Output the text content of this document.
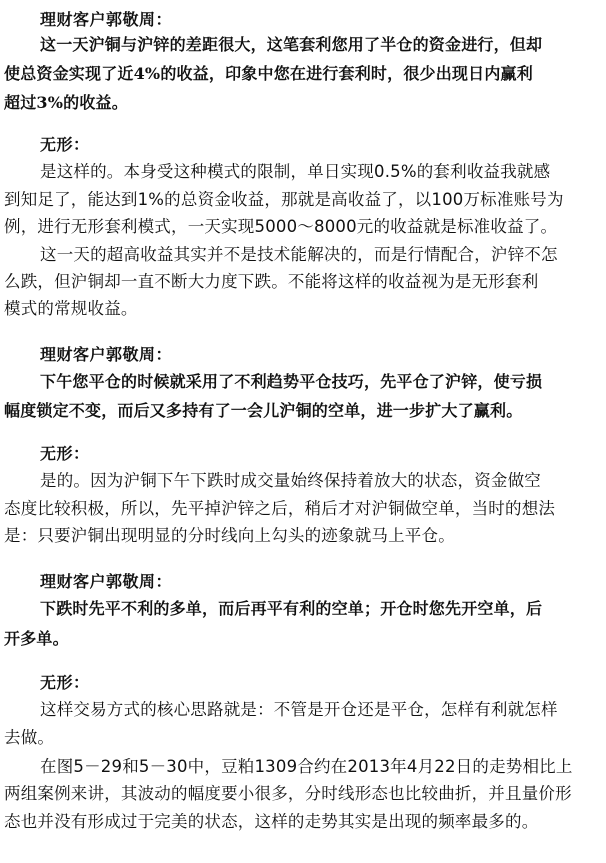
理财客户郭敬周：
这一天沪铜与沪锌的差距很大，这笔套利您用了半仓的资金进行，但却
使总资金实现了近4%的收益，印象中您在进行套利时，很少出现日内赢利
超过3%的收益。
无形：
是这样的。本身受这种模式的限制，单日实现0.5%的套利收益我就感
到知足了，能达到1%的总资金收益，那就是高收益了，以100万标准账号为
例，进行无形套利模式，一天实现5000～8000元的收益就是标准收益了。
这一天的超高收益其实并不是技术能解决的，而是行情配合，沪锌不怎
么跌，但沪铜却一直不断大力度下跌。不能将这样的收益视为是无形套利
模式的常规收益。
理财客户郭敬周：
下午您平仓的时候就采用了不利趋势平仓技巧，先平仓了沪锌，使亏损
幅度锁定不变，而后又多持有了一会儿沪铜的空单，进一步扩大了赢利。
无形：
是的。因为沪铜下午下跌时成交量始终保持着放大的状态，资金做空
态度比较积极，所以，先平掉沪锌之后，稍后才对沪铜做空单，当时的想法
是：只要沪铜出现明显的分时线向上勾头的迹象就马上平仓。
理财客户郭敬周：
下跌时先平不利的多单，而后再平有利的空单；开仓时您先开空单，后
开多单。
无形：
这样交易方式的核心思路就是：不管是开仓还是平仓，怎样有利就怎样
去做。
在图5－29和5－30中，豆粕1309合约在2013年4月22日的走势相比上
两组案例来讲，其波动的幅度要小很多，分时线形态也比较曲折，并且量价形
态也并没有形成过于完美的状态，这样的走势其实是出现的频率最多的。
